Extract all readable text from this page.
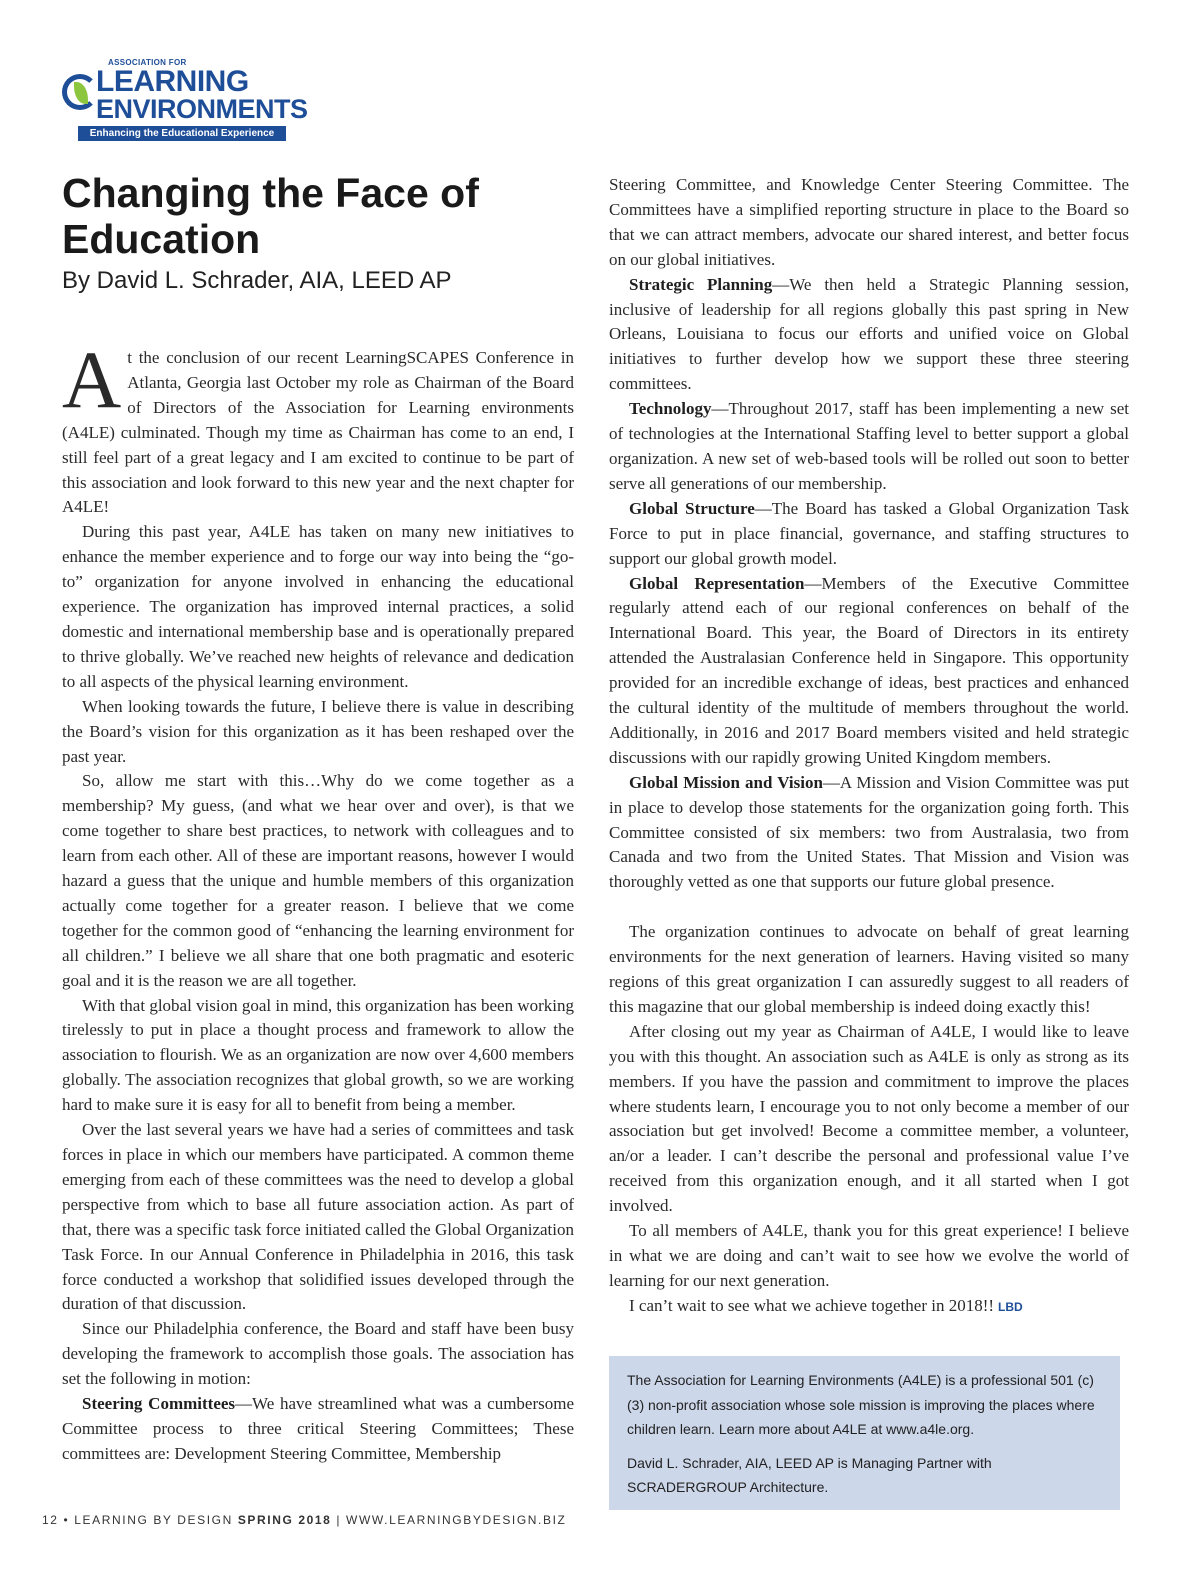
ASSOCIATION FOR
LEARNING
ENVIRONMENTS
Enhancing the Educational Experience
Changing the Face of Education

By David L. Schrader, AIA, LEED AP

At the conclusion of our recent LearningSCAPES Conference in Atlanta, Georgia last October my role as Chairman of the Board of Directors of the Association for Learning environments (A4LE) culminated. Though my time as Chairman has come to an end, I still feel part of a great legacy and I am excited to continue to be part of this association and look forward to this new year and the next chapter for A4LE!

During this past year, A4LE has taken on many new initiatives to enhance the member experience and to forge our way into being the “go-to” organization for anyone involved in enhancing the educational experience. The organization has improved internal practices, a solid domestic and international membership base and is operationally prepared to thrive globally. We’ve reached new heights of relevance and dedication to all aspects of the physical learning environment.

When looking towards the future, I believe there is value in describing the Board’s vision for this organization as it has been reshaped over the past year.

So, allow me start with this…Why do we come together as a membership? My guess, (and what we hear over and over), is that we come together to share best practices, to network with colleagues and to learn from each other. All of these are important reasons, however I would hazard a guess that the unique and humble members of this organization actually come together for a greater reason. I believe that we come together for the common good of “enhancing the learning environment for all children.” I believe we all share that one both pragmatic and esoteric goal and it is the reason we are all together.

With that global vision goal in mind, this organization has been working tirelessly to put in place a thought process and framework to allow the association to flourish. We as an organization are now over 4,600 members globally. The association recognizes that global growth, so we are working hard to make sure it is easy for all to benefit from being a member.

Over the last several years we have had a series of committees and task forces in place in which our members have participated. A common theme emerging from each of these committees was the need to develop a global perspective from which to base all future association action. As part of that, there was a specific task force initiated called the Global Organization Task Force. In our Annual Conference in Philadelphia in 2016, this task force conducted a workshop that solidified issues developed through the duration of that discussion.

Since our Philadelphia conference, the Board and staff have been busy developing the framework to accomplish those goals. The association has set the following in motion:

Steering Committees—We have streamlined what was a cumbersome Committee process to three critical Steering Committees; These committees are: Development Steering Committee, Membership

Steering Committee, and Knowledge Center Steering Committee. The Committees have a simplified reporting structure in place to the Board so that we can attract members, advocate our shared interest, and better focus on our global initiatives.

Strategic Planning—We then held a Strategic Planning session, inclusive of leadership for all regions globally this past spring in New Orleans, Louisiana to focus our efforts and unified voice on Global initiatives to further develop how we support these three steering committees.

Technology—Throughout 2017, staff has been implementing a new set of technologies at the International Staffing level to better support a global organization. A new set of web-based tools will be rolled out soon to better serve all generations of our membership.

Global Structure—The Board has tasked a Global Organization Task Force to put in place financial, governance, and staffing structures to support our global growth model.

Global Representation—Members of the Executive Committee regularly attend each of our regional conferences on behalf of the International Board. This year, the Board of Directors in its entirety attended the Australasian Conference held in Singapore. This opportunity provided for an incredible exchange of ideas, best practices and enhanced the cultural identity of the multitude of members throughout the world. Additionally, in 2016 and 2017 Board members visited and held strategic discussions with our rapidly growing United Kingdom members.

Global Mission and Vision—A Mission and Vision Committee was put in place to develop those statements for the organization going forth. This Committee consisted of six members: two from Australasia, two from Canada and two from the United States. That Mission and Vision was thoroughly vetted as one that supports our future global presence.

The organization continues to advocate on behalf of great learning environments for the next generation of learners. Having visited so many regions of this great organization I can assuredly suggest to all readers of this magazine that our global membership is indeed doing exactly this!

After closing out my year as Chairman of A4LE, I would like to leave you with this thought. An association such as A4LE is only as strong as its members. If you have the passion and commitment to improve the places where students learn, I encourage you to not only become a member of our association but get involved! Become a committee member, a volunteer, an/or a leader. I can’t describe the personal and professional value I’ve received from this organization enough, and it all started when I got involved.

To all members of A4LE, thank you for this great experience! I believe in what we are doing and can’t wait to see how we evolve the world of learning for our next generation.

I can’t wait to see what we achieve together in 2018!! LBD

The Association for Learning Environments (A4LE) is a professional 501 (c)(3) non-profit association whose sole mission is improving the places where children learn. Learn more about A4LE at www.a4le.org.

David L. Schrader, AIA, LEED AP is Managing Partner with SCRADERGROUP Architecture.

12 • LEARNING BY DESIGN SPRING 2018 | WWW.LEARNINGBYDESIGN.BIZ
